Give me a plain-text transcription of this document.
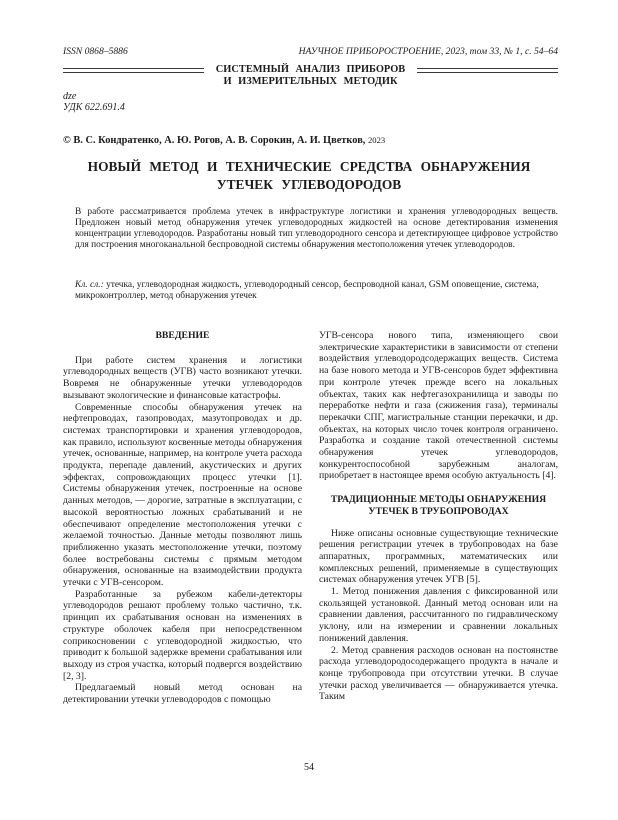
ISSN 0868–5886	НАУЧНОЕ ПРИБОРОСТРОЕНИЕ, 2023, том 33, № 1, с. 54–64
СИСТЕМНЫЙ АНАЛИЗ ПРИБОРОВ
И ИЗМЕРИТЕЛЬНЫХ МЕТОДИК
dze
УДК 622.691.4
© В. С. Кондратенко, А. Ю. Рогов, А. В. Сорокин, А. И. Цветков, 2023
НОВЫЙ МЕТОД И ТЕХНИЧЕСКИЕ СРЕДСТВА ОБНАРУЖЕНИЯ
УТЕЧЕК УГЛЕВОДОРОДОВ
В работе рассматривается проблема утечек в инфраструктуре логистики и хранения углеводородных веществ. Предложен новый метод обнаружения утечек углеводородных жидкостей на основе детектирования изменения концентрации углеводородов. Разработаны новый тип углеводородного сенсора и детектирующее цифровое устройство для построения многоканальной беспроводной системы обнаружения местоположения утечек углеводородов.
Кл. сл.: утечка, углеводородная жидкость, углеводородный сенсор, беспроводной канал, GSM оповещение, система, микроконтроллер, метод обнаружения утечек
ВВЕДЕНИЕ

При работе систем хранения и логистики углеводородных веществ (УГВ) часто возникают утечки. Вовремя не обнаруженные утечки углеводородов вызывают экологические и финансовые катастрофы.

Современные способы обнаружения утечек на нефтепроводах, газопроводах, мазутопроводах и др. системах транспортировки и хранения углеводородов, как правило, используют косвенные методы обнаружения утечек, основанные, например, на контроле учета расхода продукта, перепаде давлений, акустических и других эффектах, сопровождающих процесс утечки [1]. Системы обнаружения утечек, построенные на основе данных методов, — дорогие, затратные в эксплуатации, с высокой вероятностью ложных срабатываний и не обеспечивают определение местоположения утечки с желаемой точностью. Данные методы позволяют лишь приближенно указать местоположение утечки, поэтому более востребованы системы с прямым методом обнаружения, основанные на взаимодействии продукта утечки с УГВ-сенсором.

Разработанные за рубежом кабели-детекторы углеводородов решают проблему только частично, т.к. принцип их срабатывания основан на изменениях в структуре оболочек кабеля при непосредственном соприкосновении с углеводородной жидкостью, что приводит к большой задержке времени срабатывания или выходу из строя участка, который подвергся воздействию [2, 3].

Предлагаемый новый метод основан на детектировании утечки углеводородов с помощью

УГВ-сенсора нового типа, изменяющего свои электрические характеристики в зависимости от степени воздействия углеводородсодержащих веществ. Система на базе нового метода и УГВ-сенсоров будет эффективна при контроле утечек прежде всего на локальных объектах, таких как нефтегазохранилища и заводы по переработке нефти и газа (сжижения газа), терминалы перекачки СПГ, магистральные станции перекачки, и др. объектах, на которых число точек контроля ограничено. Разработка и создание такой отечественной системы обнаружения утечек углеводородов, конкурентоспособной зарубежным аналогам, приобретает в настоящее время особую актуальность [4].

ТРАДИЦИОННЫЕ МЕТОДЫ ОБНАРУЖЕНИЯ УТЕЧЕК В ТРУБОПРОВОДАХ

Ниже описаны основные существующие технические решения регистрации утечек в трубопроводах на базе аппаратных, программных, математических или комплексных решений, применяемые в существующих системах обнаружения утечек УГВ [5].

1. Метод понижения давления с фиксированной или скользящей установкой. Данный метод основан или на сравнении давления, рассчитанного по гидравлическому уклону, или на измерении и сравнении локальных понижений давления.

2. Метод сравнения расходов основан на постоянстве расхода углеводородосодержащего продукта в начале и конце трубопровода при отсутствии утечки. В случае утечки расход увеличивается — обнаруживается утечка. Таким

54
